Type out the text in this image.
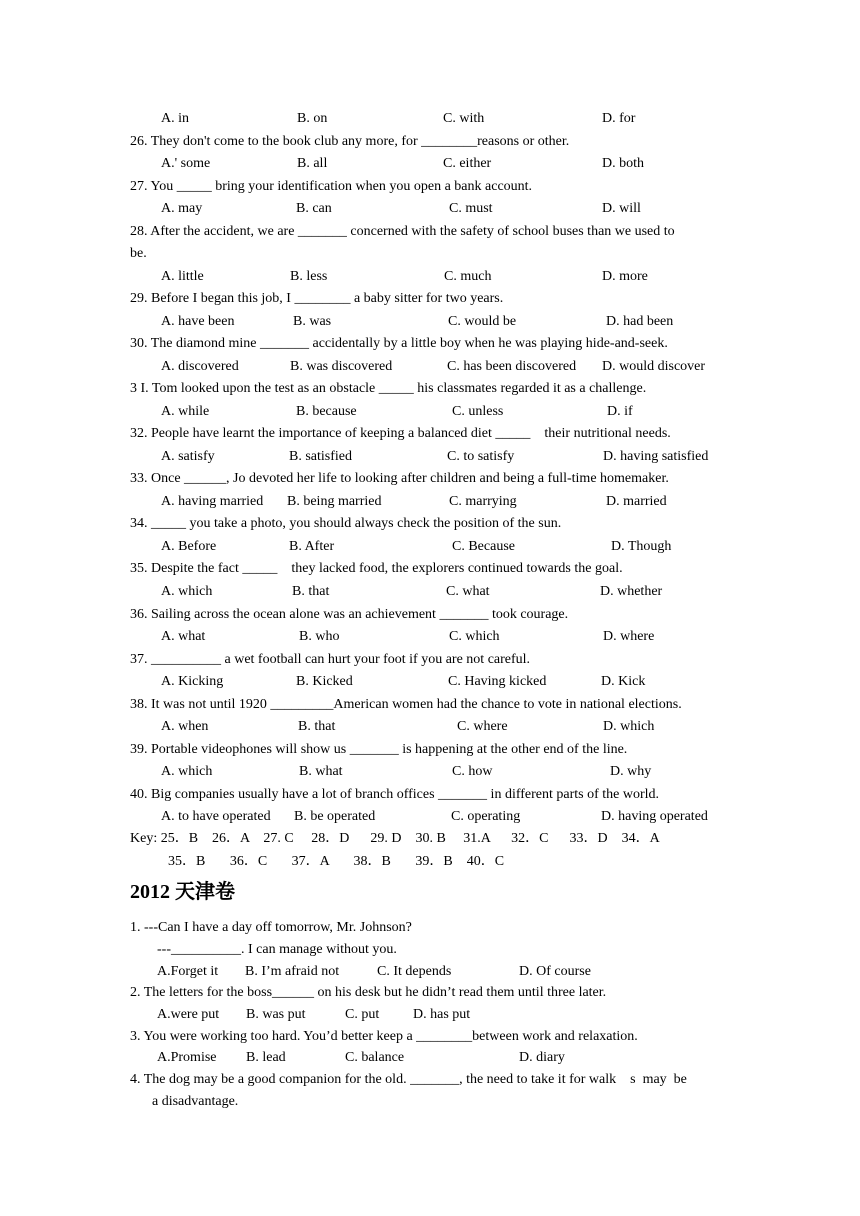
A. in	B. on	C. with	D. for
26. They don't come to the book club any more, for ________reasons or other.
A.' some	B. all	C. either	D. both
27. You _____ bring your identification when you open a bank account.
A. may	B. can	C. must	D. will
28. After the accident, we are _______ concerned with the safety of school buses than we used to
be.
A. little	B. less	C. much	D. more
29. Before I began this job, I ________ a baby sitter for two years.
A. have been	B. was	C. would be	D. had been
30. The diamond mine _______ accidentally by a little boy when he was playing hide-and-seek.
A. discovered	B. was discovered	C. has been discovered D. would discover
3 I. Tom looked upon the test as an obstacle _____ his classmates regarded it as a challenge.
A. while	B. because	C. unless	D. if
32. People have learnt the importance of keeping a balanced diet _____    their nutritional needs.
A. satisfy	B. satisfied	C. to satisfy	D. having satisfied
33. Once ______, Jo devoted her life to looking after children and being a full-time homemaker.
A. having married B. being married	C. marrying	D. married
34. _____ you take a photo, you should always check the position of the sun.
A. Before	B. After	C. Because	D. Though
35. Despite the fact _____    they lacked food, the explorers continued towards the goal.
A. which	B. that	C. what	D. whether
36. Sailing across the ocean alone was an achievement _______ took courage.
A. what	B. who	C. which	D. where
37. __________ a wet football can hurt your foot if you are not careful.
A. Kicking	B. Kicked	C. Having kicked	D. Kick
38. It was not until 1920 _________American women had the chance to vote in national elections.
A. when	B. that	C. where	D. which
39. Portable videophones will show us _______ is happening at the other end of the line.
A. which	B. what	C. how	D. why
40. Big companies usually have a lot of branch offices _______ in different parts of the world.
A. to have operated B. be operated	C. operating	D. having operated
Key: 25．B    26．A    27. C     28．D      29. D    30. B     31.A      32．C      33．D    34．A
35．B       36．C       37．A       38．B       39．B    40．C
2012 天津卷
1. ---Can I have a day off tomorrow, Mr. Johnson?
---__________. I can manage without you.
A.Forget it B. I’m afraid not	C. It depends	D. Of course
2. The letters for the boss______ on his desk but he didn’t read them until three later.
A.were put B. was put	C. put D. has put
3. You were working too hard. You’d better keep a ________between work and relaxation.
A.Promise B. lead	C. balance	D. diary
4. The dog may be a good companion for the old. _______, the need to take it for walk    s  may  be
a disadvantage.
